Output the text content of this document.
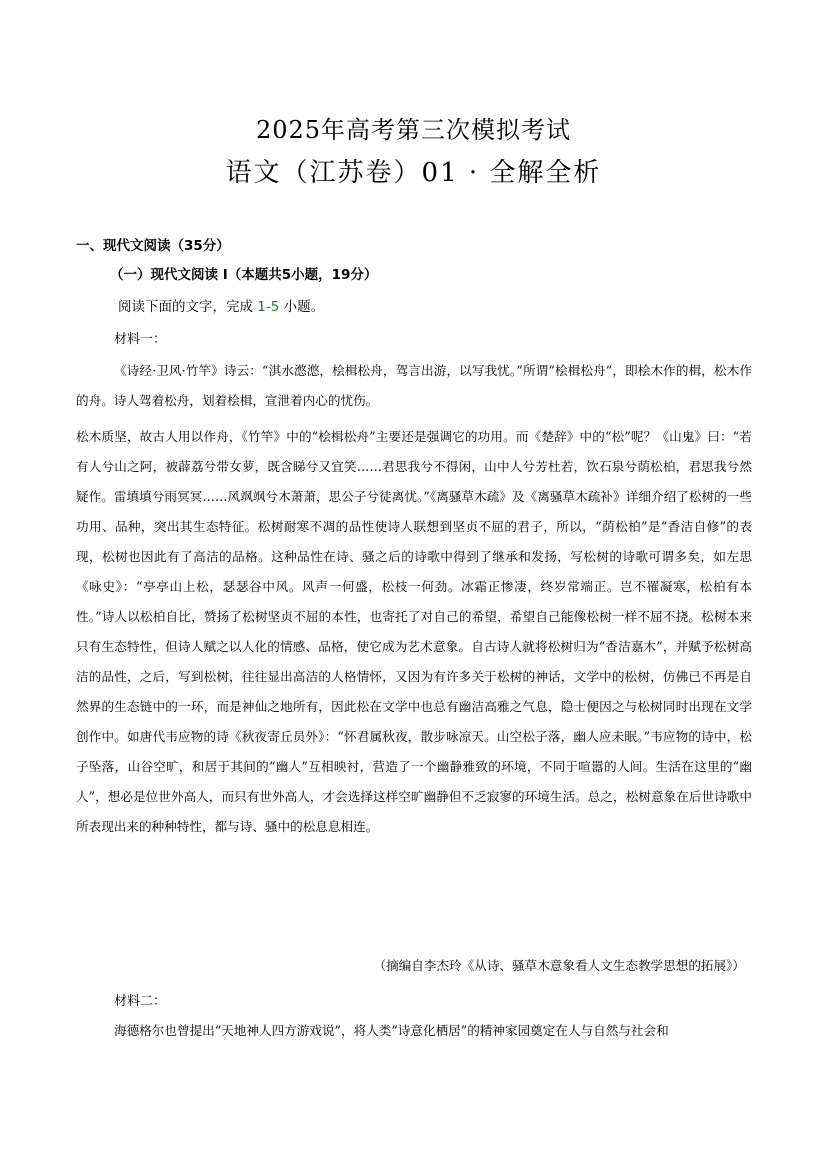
2025年高考第三次模拟考试
语文（江苏卷）01 · 全解全析
一、现代文阅读（35分）
（一）现代文阅读 I（本题共5小题，19分）
阅读下面的文字，完成 1-5 小题。
材料一：
《诗经·卫风·竹竿》诗云：“淇水滺滺，桧楫松舟，驾言出游，以写我忧。”所谓“桧楫松舟”，即桧木作的楫，松木作的舟。诗人驾着松舟，划着桧楫，宣泄着内心的忧伤。
松木质坚，故古人用以作舟，《竹竿》中的“桧楫松舟”主要还是强调它的功用。而《楚辞》中的“松”呢？《山鬼》曰：“若有人兮山之阿，被薜荔兮带女萝，既含睇兮又宜笑……君思我兮不得闲，山中人兮芳杜若，饮石泉兮荫松柏，君思我兮然疑作。雷填填兮雨冥冥……风飒飒兮木萧萧，思公子兮徒离忧。”《离骚草木疏》及《离骚草木疏补》详细介绍了松树的一些功用、品种，突出其生态特征。松树耐寒不凋的品性使诗人联想到坚贞不屈的君子，所以，“荫松柏”是“香洁自修”的表现，松树也因此有了高洁的品格。这种品性在诗、骚之后的诗歌中得到了继承和发扬，写松树的诗歌可谓多矣，如左思《咏史》：“亭亭山上松，瑟瑟谷中风。风声一何盛，松枝一何劲。冰霜正惨凄，终岁常端正。岂不罹凝寒，松柏有本性。”诗人以松柏自比，赞扬了松树坚贞不屈的本性，也寄托了对自己的希望，希望自己能像松树一样不屈不挠。松树本来只有生态特性，但诗人赋之以人化的情感、品格，使它成为艺术意象。自古诗人就将松树归为“香洁嘉木”，并赋予松树高洁的品性，之后，写到松树，往往显出高洁的人格情怀，又因为有许多关于松树的神话，文学中的松树，仿佛已不再是自然界的生态链中的一环，而是神仙之地所有，因此松在文学中也总有幽洁高雅之气息，隐士便因之与松树同时出现在文学创作中。如唐代韦应物的诗《秋夜寄丘员外》：“怀君属秋夜，散步咏凉天。山空松子落，幽人应未眠。”韦应物的诗中，松子坠落，山谷空旷，和居于其间的“幽人”互相映衬，营造了一个幽静雅致的环境，不同于喧嚣的人间。生活在这里的“幽人”，想必是位世外高人，而只有世外高人，才会选择这样空旷幽静但不乏寂寥的环境生活。总之，松树意象在后世诗歌中所表现出来的种种特性，都与诗、骚中的松息息相连。
（摘编自李杰玲《从诗、骚草木意象看人文生态教学思想的拓展》）
材料二：
海德格尔也曾提出“天地神人四方游戏说”，将人类“诗意化栖居”的精神家园奠定在人与自然与社会和
